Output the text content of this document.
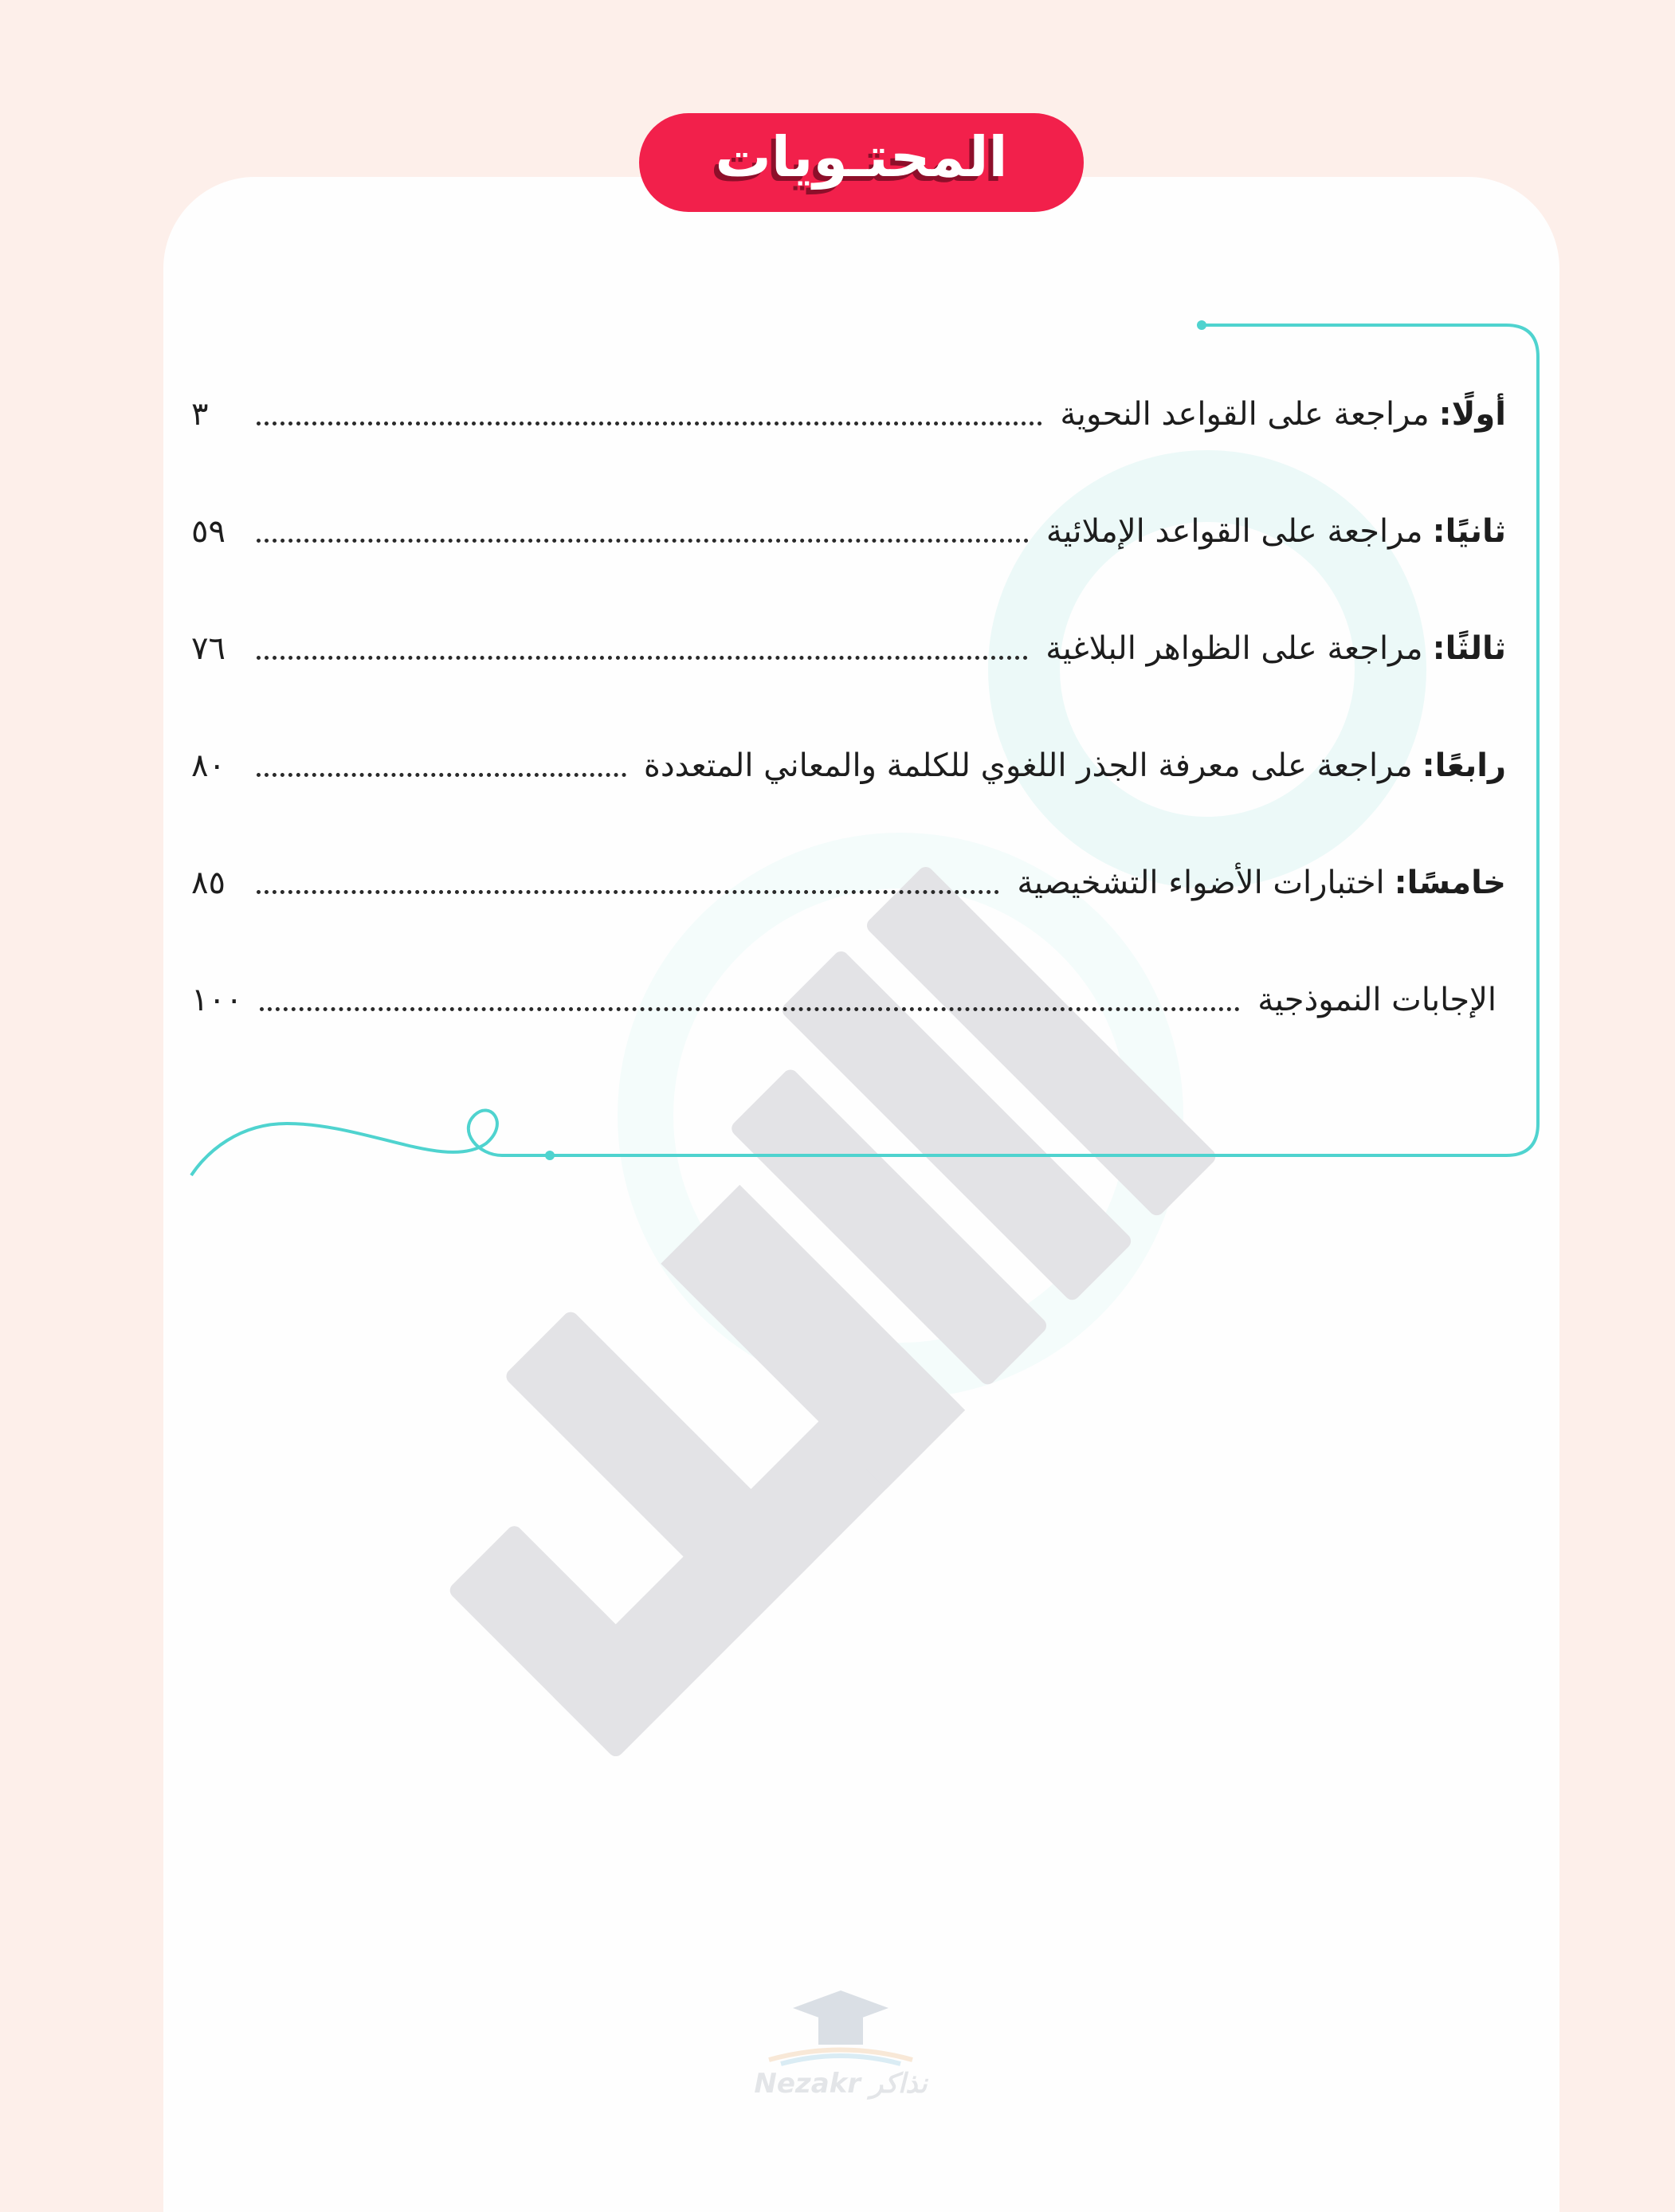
المحتـويات
أولًا:
مراجعة على القواعد النحوية
٣
ثانيًا:
مراجعة على القواعد الإملائية
٥٩
ثالثًا:
مراجعة على الظواهر البلاغية
٧٦
رابعًا:
مراجعة على معرفة الجذر اللغوي للكلمة والمعاني المتعددة
٨٠
خامسًا:
اختبارات الأضواء التشخيصية
٨٥
الإجابات النموذجية
١٠٠
Nezakr نذاكر
